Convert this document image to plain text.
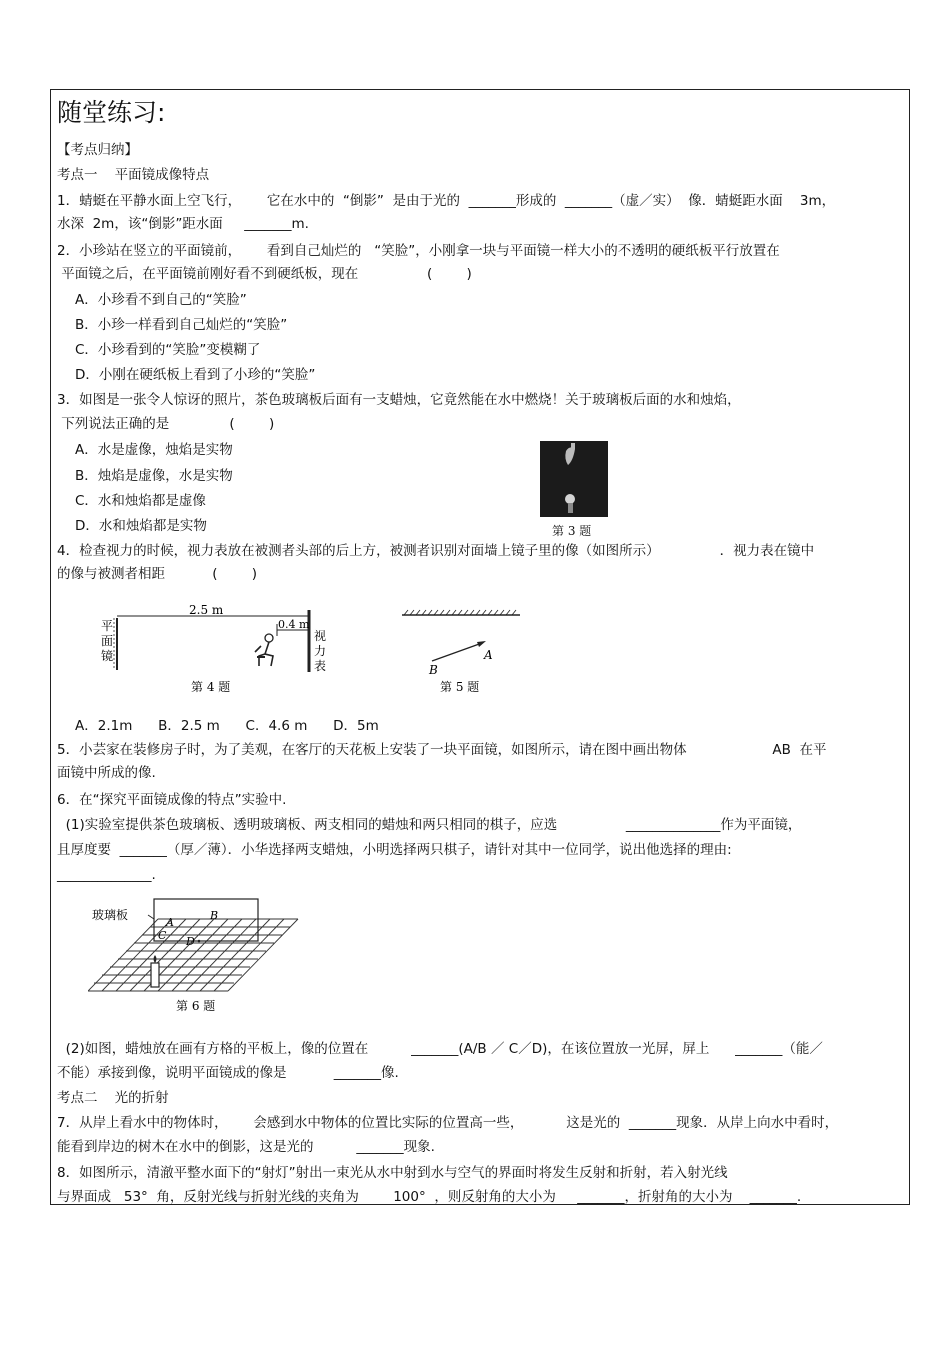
随堂练习:
【考点归纳】
考点一    平面镜成像特点
1．蜻蜓在平静水面上空飞行，      它在水中的  “倒影”  是由于光的  _______形成的  _______（虚／实）  像．蜻蜓距水面    3m，
水深  2m，该“倒影”距水面     _______m.
2．小珍站在竖立的平面镜前，      看到自己灿烂的   “笑脸”，小刚拿一块与平面镜一样大小的不透明的硬纸板平行放置在
平面镜之后，在平面镜前刚好看不到硬纸板，现在                (        )
A．小珍看不到自己的“笑脸”
B．小珍一样看到自己灿烂的“笑脸”
C．小珍看到的“笑脸”变模糊了
D．小刚在硬纸板上看到了小珍的“笑脸”
3．如图是一张令人惊讶的照片，茶色玻璃板后面有一支蜡烛，它竟然能在水中燃烧！关于玻璃板后面的水和烛焰，
下列说法正确的是              (        )
A．水是虚像，烛焰是实物
B．烛焰是虚像，水是实物
C．水和烛焰都是虚像
D．水和烛焰都是实物	第 3 题
4．检查视力的时候，视力表放在被测者头部的后上方，被测者识别对面墙上镜子里的像（如图所示）              ．视力表在镜中
的像与被测者相距           (        )
2.5 m
0.4 m
平
面
镜
视
力
表
第 4 题
A
B
第 5 题
A．2.1m      B．2.5 m      C．4.6 m      D．5m
5．小芸家在装修房子时，为了美观，在客厅的天花板上安装了一块平面镜，如图所示，请在图中画出物体                    AB  在平
面镜中所成的像.
6．在“探究平面镜成像的特点”实验中.
(1)实验室提供茶色玻璃板、透明玻璃板、两支相同的蜡烛和两只相同的棋子，应选                ______________作为平面镜，
且厚度要  _______（厚／薄）．小华选择两支蜡烛，小明选择两只棋子，请针对其中一位同学，说出他选择的理由:
______________.
玻璃板
A
B
C D
第 6 题
(2)如图，蜡烛放在画有方格的平板上，像的位置在          _______(A/B ／ C／D)，在该位置放一光屏，屏上      _______（能／
不能）承接到像，说明平面镜成的像是           _______像.
考点二    光的折射
7．从岸上看水中的物体时，      会感到水中物体的位置比实际的位置高一些，          这是光的  _______现象．从岸上向水中看时，
能看到岸边的树木在水中的倒影，这是光的          _______现象.
8．如图所示，清澈平整水面下的“射灯”射出一束光从水中射到水与空气的界面时将发生反射和折射，若入射光线
与界面成   53°  角，反射光线与折射光线的夹角为        100°  ，则反射角的大小为     _______，折射角的大小为    _______.
